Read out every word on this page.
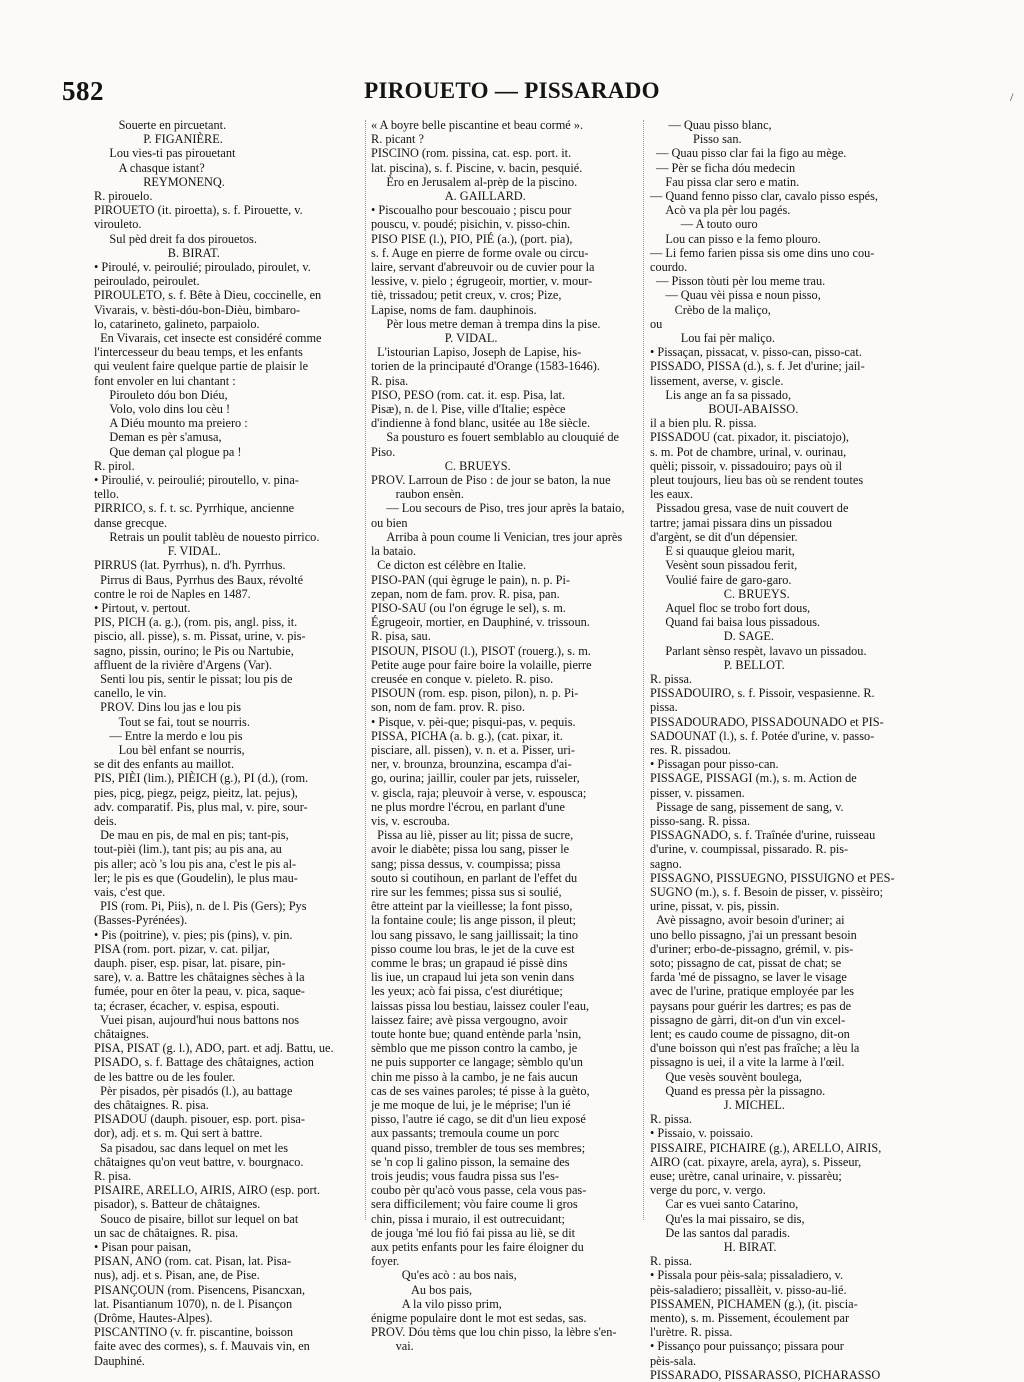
582	PIROUETO — PISSARADO	/
Souerte en pircuetant.
P. FIGANIÈRE.
Lou vies-ti pas pirouetant
A chasque istant?
REYMONENQ.
R. pirouelo.
PIROUETO (it. piroetta), s. f. Pirouette, v.
virouleto.
Sul pèd dreit fa dos pirouetos.
B. BIRAT.
• Piroulé, v. peiroulié; piroulado, piroulet, v.
peiroulado, peiroulet.
PIROULETO, s. f. Bête à Dieu, coccinelle, en
Vivarais, v. bèsti-dóu-bon-Dièu, bimbaro-
lo, catarineto, galineto, parpaiolo.
En Vivarais, cet insecte est considéré comme
l'intercesseur du beau temps, et les enfants
qui veulent faire quelque partie de plaisir le
font envoler en lui chantant :
Pirouleto dóu bon Diéu,
Volo, volo dins lou cèu !
A Diéu mounto ma preiero :
Deman es pèr s'amusa,
Que deman çal plogue pa !
R. pirol.
• Piroulié, v. peiroulié; piroutello, v. pina-
tello.
PIRRICO, s. f. t. sc. Pyrrhique, ancienne
danse grecque.
Retrais un poulit tablèu de nouesto pirrico.
F. VIDAL.
PIRRUS (lat. Pyrrhus), n. d'h. Pyrrhus.
Pirrus di Baus, Pyrrhus des Baux, révolté
contre le roi de Naples en 1487.
• Pirtout, v. pertout.
PIS, PICH (a. g.), (rom. pis, angl. piss, it.
piscio, all. pisse), s. m. Pissat, urine, v. pis-
sagno, pissin, ourino; le Pis ou Nartubie,
affluent de la rivière d'Argens (Var).
Senti lou pis, sentir le pissat; lou pis de
canello, le vin.
PROV. Dins lou jas e lou pis
Tout se fai, tout se nourris.
— Entre la merdo e lou pis
Lou bèl enfant se nourris,
se dit des enfants au maillot.
PIS, PIÈI (lim.), PIÈICH (g.), PI (d.), (rom.
pies, picg, piegz, peigz, pieitz, lat. pejus),
adv. comparatif. Pis, plus mal, v. pire, sour-
deis.
De mau en pis, de mal en pis; tant-pis,
tout-pièi (lim.), tant pis; au pis ana, au
pis aller; acò 's lou pis ana, c'est le pis al-
ler; le pis es que (Goudelin), le plus mau-
vais, c'est que.
PIS (rom. Pi, Piis), n. de l. Pis (Gers); Pys
(Basses-Pyrénées).
• Pis (poitrine), v. pies; pis (pins), v. pin.
PISA (rom. port. pizar, v. cat. piljar,
dauph. piser, esp. pisar, lat. pisare, pin-
sare), v. a. Battre les châtaignes sèches à la
fumée, pour en ôter la peau, v. pica, saque-
ta; écraser, écacher, v. espisa, espouti.
Vuei pisan, aujourd'hui nous battons nos
châtaignes.
PISA, PISAT (g. l.), ADO, part. et adj. Battu, ue.
PISADO, s. f. Battage des châtaignes, action
de les battre ou de les fouler.
Pèr pisados, pèr pisadós (l.), au battage
des châtaignes. R. pisa.
PISADOU (dauph. pisouer, esp. port. pisa-
dor), adj. et s. m. Qui sert à battre.
Sa pisadou, sac dans lequel on met les
châtaignes qu'on veut battre, v. bourgnaco.
R. pisa.
PISAIRE, ARELLO, AIRIS, AIRO (esp. port.
pisador), s. Batteur de châtaignes.
Souco de pisaire, billot sur lequel on bat
un sac de châtaignes. R. pisa.
• Pisan pour paisan,
PISAN, ANO (rom. cat. Pisan, lat. Pisa-
nus), adj. et s. Pisan, ane, de Pise.
PISANÇOUN (rom. Pisencens, Pisancxan,
lat. Pisantianum 1070), n. de l. Pisançon
(Drôme, Hautes-Alpes).
PISCANTINO (v. fr. piscantine, boisson
faite avec des cormes), s. f. Mauvais vin, en
Dauphiné.
« A boyre belle piscantine et beau cormé ».
R. picant ?
PISCINO (rom. pissina, cat. esp. port. it.
lat. piscina), s. f. Piscine, v. bacin, pesquié.
Èro en Jerusalem al-prèp de la piscino.
A. GAILLARD.
• Piscoualho pour bescouaio ; piscu pour
pouscu, v. poudé; pisichin, v. pisso-chin.
PISO PISE (l.), PIO, PIÉ (a.), (port. pia),
s. f. Auge en pierre de forme ovale ou circu-
laire, servant d'abreuvoir ou de cuvier pour la
lessive, v. pielo ; égrugeoir, mortier, v. mour-
tiè, trissadou; petit creux, v. cros; Pize,
Lapise, noms de fam. dauphinois.
Pèr lous metre deman à trempa dins la pise.
P. VIDAL.
L'istourian Lapiso, Joseph de Lapise, his-
torien de la principauté d'Orange (1583-1646).
R. pisa.
PISO, PESO (rom. cat. it. esp. Pisa, lat.
Pisæ), n. de l. Pise, ville d'Italie; espèce
d'indienne à fond blanc, usitée au 18e siècle.
Sa pousturo es fouert semblablo au clouquié de
Piso.
C. BRUEYS.
PROV. Larroun de Piso : de jour se baton, la nue
raubon ensèn.
— Lou secours de Piso, tres jour après la bataio,
ou bien
Arriba à poun coume li Venician, tres jour après
la bataio.
Ce dicton est célèbre en Italie.
PISO-PAN (qui ègruge le pain), n. p. Pi-
zepan, nom de fam. prov. R. pisa, pan.
PISO-SAU (ou l'on égruge le sel), s. m.
Égrugeoir, mortier, en Dauphiné, v. trissoun.
R. pisa, sau.
PISOUN, PISOU (l.), PISOT (rouerg.), s. m.
Petite auge pour faire boire la volaille, pierre
creusée en conque v. pieleto. R. piso.
PISOUN (rom. esp. pison, pilon), n. p. Pi-
son, nom de fam. prov. R. piso.
• Pisque, v. pèi-que; pisqui-pas, v. pequis.
PISSA, PICHA (a. b. g.), (cat. pixar, it.
pisciare, all. pissen), v. n. et a. Pisser, uri-
ner, v. brounza, brounzina, escampa d'ai-
go, ourina; jaillir, couler par jets, ruisseler,
v. giscla, raja; pleuvoir à verse, v. espousca;
ne plus mordre l'écrou, en parlant d'une
vis, v. escrouba.
Pissa au liè, pisser au lit; pissa de sucre,
avoir le diabète; pissa lou sang, pisser le
sang; pissa dessus, v. coumpissa; pissa
souto si coutihoun, en parlant de l'effet du
rire sur les femmes; pissa sus si soulié,
être atteint par la vieillesse; la font pisso,
la fontaine coule; lis ange pisson, il pleut;
lou sang pissavo, le sang jaillissait; la tino
pisso coume lou bras, le jet de la cuve est
comme le bras; un grapaud ié pissè dins
lis iue, un crapaud lui jeta son venin dans
les yeux; acò fai pissa, c'est diurétique;
laissas pissa lou bestiau, laissez couler l'eau,
laissez faire; avè pissa vergougno, avoir
toute honte bue; quand entènde parla 'nsin,
sèmblo que me pisson contro la cambo, je
ne puis supporter ce langage; sèmblo qu'un
chin me pisso à la cambo, je ne fais aucun
cas de ses vaines paroles; té pisse à la guèto,
je me moque de lui, je le méprise; l'un ié
pisso, l'autre ié cago, se dit d'un lieu exposé
aux passants; tremoula coume un porc
quand pisso, trembler de tous ses membres;
se 'n cop li galino pisson, la semaine des
trois jeudis; vous faudra pissa sus l'es-
coubo pèr qu'acò vous passe, cela vous pas-
sera difficilement; vòu faire coume li gros
chin, pissa i muraio, il est outrecuidant;
de jouga 'mé lou fió fai pissa au liè, se dit
aux petits enfants pour les faire éloigner du
foyer.
Qu'es acò : au bos nais,
Au bos pais,
A la vilo pisso prim,
énigme populaire dont le mot est sedas, sas.
PROV. Dóu tèms que lou chin pisso, la lèbre s'en-
vai.
— Quau pisso blanc,
Pisso san.
— Quau pisso clar fai la figo au mège.
— Pèr se ficha dóu medecin
Fau pissa clar sero e matin.
— Quand fenno pisso clar, cavalo pisso espés,
Acò va pla pèr lou pagés.
— A touto ouro
Lou can pisso e la femo plouro.
— Li femo farien pissa sis ome dins uno cou-
courdo.
— Pisson tòuti pèr lou meme trau.
— Quau vèi pissa e noun pisso,
Crèbo de la maliço,
ou
Lou fai pèr maliço.
• Pissaçan, pissacat, v. pisso-can, pisso-cat.
PISSADO, PISSA (d.), s. f. Jet d'urine; jail-
lissement, averse, v. giscle.
Lis ange an fa sa pissado,
BOUI-ABAISSO.
il a bien plu. R. pissa.
PISSADOU (cat. pixador, it. pisciatojo),
s. m. Pot de chambre, urinal, v. ourinau,
quèli; pissoir, v. pissadouiro; pays où il
pleut toujours, lieu bas où se rendent toutes
les eaux.
Pissadou gresa, vase de nuit couvert de
tartre; jamai pissara dins un pissadou
d'argènt, se dit d'un dépensier.
E si quauque gleiou marit,
Vesènt soun pissadou ferit,
Voulié faire de garo-garo.
C. BRUEYS.
Aquel floc se trobo fort dous,
Quand fai baisa lous pissadous.
D. SAGE.
Parlant sènso respèt, lavavo un pissadou.
P. BELLOT.
R. pissa.
PISSADOUIRO, s. f. Pissoir, vespasienne. R.
pissa.
PISSADOURADO, PISSADOUNADO et PIS-
SADOUNAT (l.), s. f. Potée d'urine, v. passo-
res. R. pissadou.
• Pissagan pour pisso-can.
PISSAGE, PISSAGI (m.), s. m. Action de
pisser, v. pissamen.
Pissage de sang, pissement de sang, v.
pisso-sang. R. pissa.
PISSAGNADO, s. f. Traînée d'urine, ruisseau
d'urine, v. coumpissal, pissarado. R. pis-
sagno.
PISSAGNO, PISSUEGNO, PISSUIGNO et PES-
SUGNO (m.), s. f. Besoin de pisser, v. pissèiro;
urine, pissat, v. pis, pissin.
Avè pissagno, avoir besoin d'uriner; ai
uno bello pissagno, j'ai un pressant besoin
d'uriner; erbo-de-pissagno, grémil, v. pis-
soto; pissagno de cat, pissat de chat; se
farda 'mé de pissagno, se laver le visage
avec de l'urine, pratique employée par les
paysans pour guérir les dartres; es pas de
pissagno de gàrri, dit-on d'un vin excel-
lent; es caudo coume de pissagno, dit-on
d'une boisson qui n'est pas fraîche; a lèu la
pissagno is uei, il a vite la larme à l'œil.
Que vesès souvènt boulega,
Quand es pressa pèr la pissagno.
J. MICHEL.
R. pissa.
• Pissaio, v. poissaio.
PISSAIRE, PICHAIRE (g.), ARELLO, AIRIS,
AIRO (cat. pixayre, arela, ayra), s. Pisseur,
euse; urètre, canal urinaire, v. pissarèu;
verge du porc, v. vergo.
Car es vuei santo Catarino,
Qu'es la mai pissairo, se dis,
De las santos dal paradis.
H. BIRAT.
R. pissa.
• Pissala pour pèis-sala; pissaladiero, v.
pèis-saladiero; pissallèit, v. pisso-au-lié.
PISSAMEN, PICHAMEN (g.), (it. piscia-
mento), s. m. Pissement, écoulement par
l'urètre. R. pissa.
• Pissanço pour puissanço; pissara pour
pèis-sala.
PISSARADO, PISSARASSO, PICHARASSO
